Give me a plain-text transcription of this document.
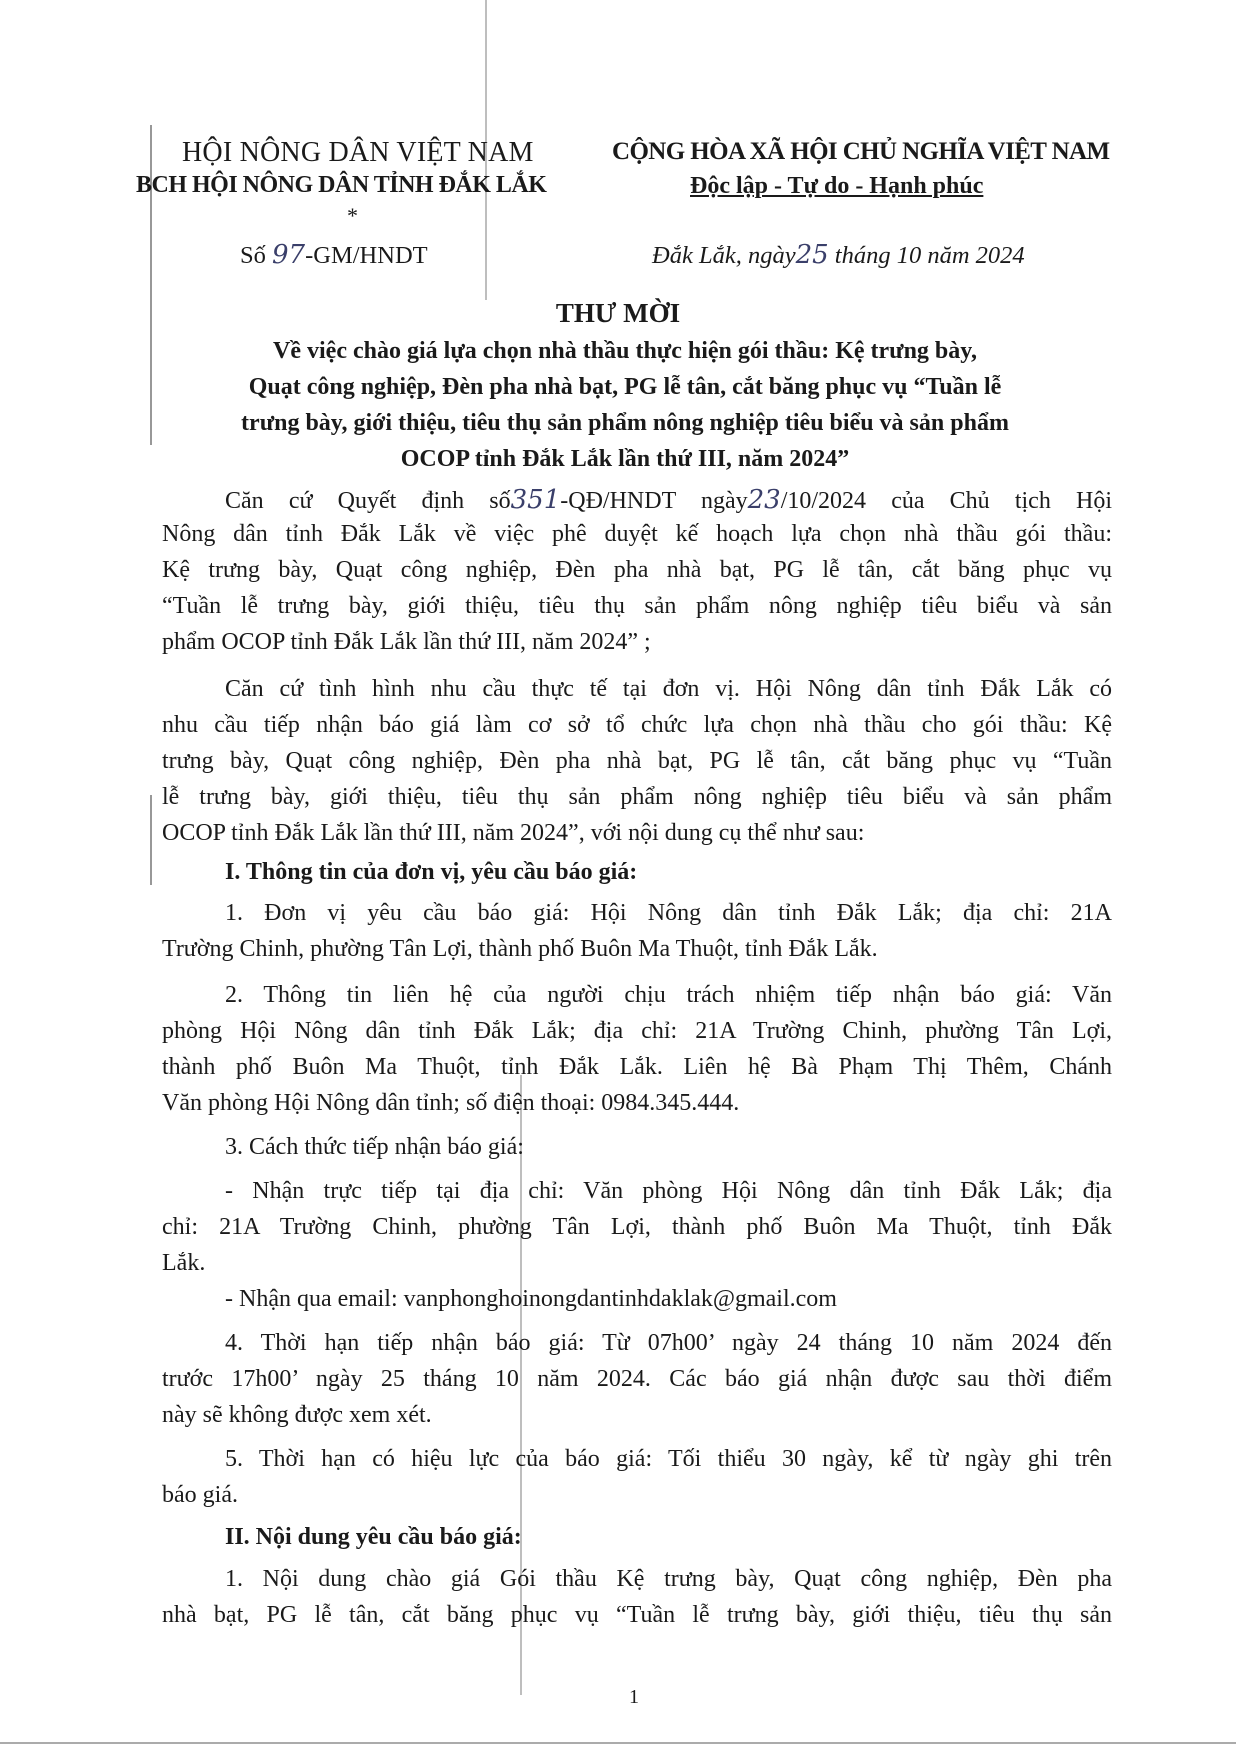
HỘI NÔNG DÂN VIỆT NAM
BCH HỘI NÔNG DÂN TỈNH ĐẮK LẮK
*
Số 97-GM/HNDT
CỘNG HÒA XÃ HỘI CHỦ NGHĨA VIỆT NAM
Độc lập - Tự do - Hạnh phúc
Đắk Lắk, ngày25 tháng 10 năm 2024
THƯ MỜI
Về việc chào giá lựa chọn nhà thầu thực hiện gói thầu: Kệ trưng bày,
Quạt công nghiệp, Đèn pha nhà bạt, PG lễ tân, cắt băng phục vụ “Tuần lễ
trưng bày, giới thiệu, tiêu thụ sản phẩm nông nghiệp tiêu biểu và sản phẩm
OCOP tỉnh Đắk Lắk lần thứ III, năm 2024”
Căn cứ Quyết định số351-QĐ/HNDT ngày23/10/2024 của Chủ tịch Hội
Nông dân tỉnh Đắk Lắk về việc phê duyệt kế hoạch lựa chọn nhà thầu gói thầu:
Kệ trưng bày, Quạt công nghiệp, Đèn pha nhà bạt, PG lễ tân, cắt băng phục vụ
“Tuần lễ trưng bày, giới thiệu, tiêu thụ sản phẩm nông nghiệp tiêu biểu và sản
phẩm OCOP tỉnh Đắk Lắk lần thứ III, năm 2024” ;
Căn cứ tình hình nhu cầu thực tế tại đơn vị. Hội Nông dân tỉnh Đắk Lắk có
nhu cầu tiếp nhận báo giá làm cơ sở tổ chức lựa chọn nhà thầu cho gói thầu: Kệ
trưng bày, Quạt công nghiệp, Đèn pha nhà bạt, PG lễ tân, cắt băng phục vụ “Tuần
lễ trưng bày, giới thiệu, tiêu thụ sản phẩm nông nghiệp tiêu biểu và sản phẩm
OCOP tỉnh Đắk Lắk lần thứ III, năm 2024”, với nội dung cụ thể như sau:
I. Thông tin của đơn vị, yêu cầu báo giá:
1. Đơn vị yêu cầu báo giá: Hội Nông dân tỉnh Đắk Lắk; địa chỉ: 21A
Trường Chinh, phường Tân Lợi, thành phố Buôn Ma Thuột, tỉnh Đắk Lắk.
2. Thông tin liên hệ của người chịu trách nhiệm tiếp nhận báo giá: Văn
phòng Hội Nông dân tỉnh Đắk Lắk; địa chỉ: 21A Trường Chinh, phường Tân Lợi,
thành phố Buôn Ma Thuột, tỉnh Đắk Lắk. Liên hệ Bà Phạm Thị Thêm, Chánh
Văn phòng Hội Nông dân tỉnh; số điện thoại: 0984.345.444.
3. Cách thức tiếp nhận báo giá:
- Nhận trực tiếp tại địa chỉ: Văn phòng Hội Nông dân tỉnh Đắk Lắk; địa
chỉ: 21A Trường Chinh, phường Tân Lợi, thành phố Buôn Ma Thuột, tỉnh Đắk
Lắk.
- Nhận qua email: vanphonghoinongdantinhdaklak@gmail.com
4. Thời hạn tiếp nhận báo giá: Từ 07h00’ ngày 24 tháng 10 năm 2024 đến
trước 17h00’ ngày 25 tháng 10 năm 2024. Các báo giá nhận được sau thời điểm
này sẽ không được xem xét.
5. Thời hạn có hiệu lực của báo giá: Tối thiểu 30 ngày, kể từ ngày ghi trên
báo giá.
II. Nội dung yêu cầu báo giá:
1. Nội dung chào giá Gói thầu Kệ trưng bày, Quạt công nghiệp, Đèn pha
nhà bạt, PG lễ tân, cắt băng phục vụ “Tuần lễ trưng bày, giới thiệu, tiêu thụ sản
1
